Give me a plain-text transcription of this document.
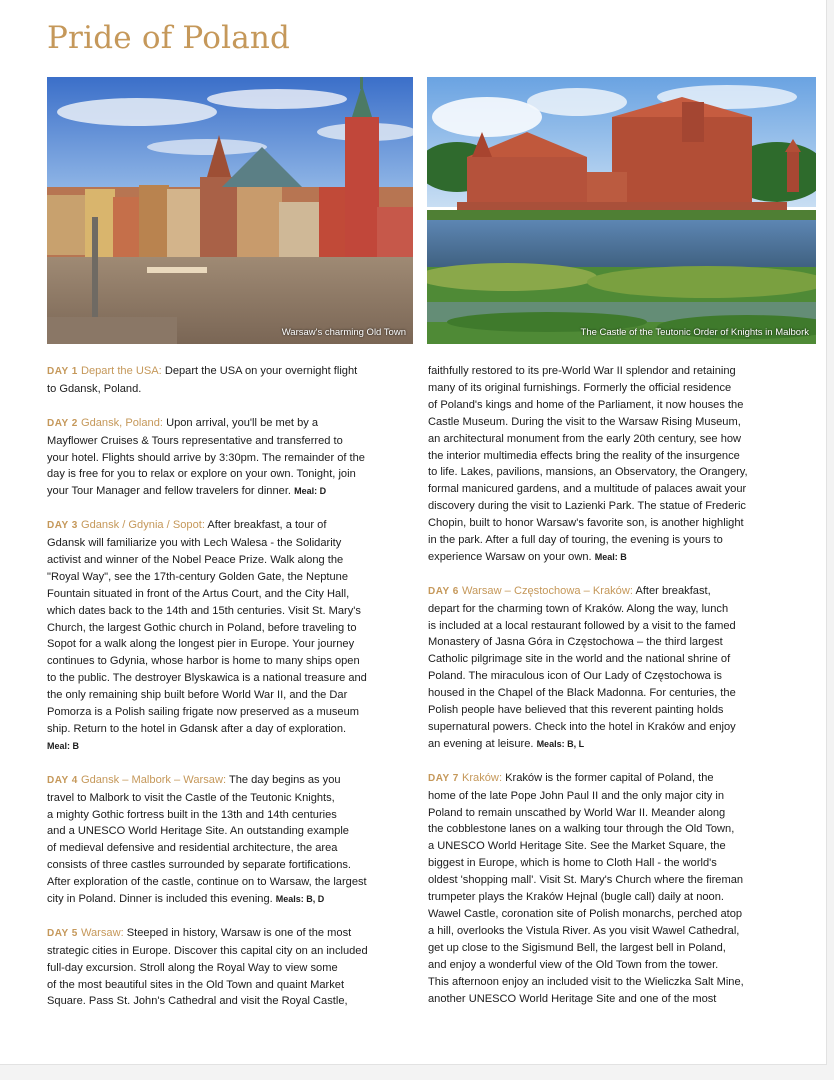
Pride of Poland
Warsaw's charming Old Town	The Castle of the Teutonic Order of Knights in Malbork
DAY 1 Depart the USA: Depart the USA on your overnight flight
to Gdansk, Poland.
DAY 2 Gdansk, Poland: Upon arrival, you'll be met by a
Mayflower Cruises & Tours representative and transferred to
your hotel. Flights should arrive by 3:30pm. The remainder of the
day is free for you to relax or explore on your own. Tonight, join
your Tour Manager and fellow travelers for dinner. Meal: D
DAY 3 Gdansk / Gdynia / Sopot: After breakfast, a tour of
Gdansk will familiarize you with Lech Walesa - the Solidarity
activist and winner of the Nobel Peace Prize. Walk along the
"Royal Way", see the 17th-century Golden Gate, the Neptune
Fountain situated in front of the Artus Court, and the City Hall,
which dates back to the 14th and 15th centuries. Visit St. Mary's
Church, the largest Gothic church in Poland, before traveling to
Sopot for a walk along the longest pier in Europe. Your journey
continues to Gdynia, whose harbor is home to many ships open
to the public. The destroyer Blyskawica is a national treasure and
the only remaining ship built before World War II, and the Dar
Pomorza is a Polish sailing frigate now preserved as a museum
ship. Return to the hotel in Gdansk after a day of exploration.
Meal: B
DAY 4 Gdansk – Malbork – Warsaw: The day begins as you
travel to Malbork to visit the Castle of the Teutonic Knights,
a mighty Gothic fortress built in the 13th and 14th centuries
and a UNESCO World Heritage Site. An outstanding example
of medieval defensive and residential architecture, the area
consists of three castles surrounded by separate fortifications.
After exploration of the castle, continue on to Warsaw, the largest
city in Poland. Dinner is included this evening. Meals: B, D
DAY 5 Warsaw: Steeped in history, Warsaw is one of the most
strategic cities in Europe. Discover this capital city on an included
full-day excursion. Stroll along the Royal Way to view some
of the most beautiful sites in the Old Town and quaint Market
Square. Pass St. John's Cathedral and visit the Royal Castle,
faithfully restored to its pre-World War II splendor and retaining
many of its original furnishings. Formerly the official residence
of Poland's kings and home of the Parliament, it now houses the
Castle Museum. During the visit to the Warsaw Rising Museum,
an architectural monument from the early 20th century, see how
the interior multimedia effects bring the reality of the insurgence
to life. Lakes, pavilions, mansions, an Observatory, the Orangery,
formal manicured gardens, and a multitude of palaces await your
discovery during the visit to Lazienki Park. The statue of Frederic
Chopin, built to honor Warsaw's favorite son, is another highlight
in the park. After a full day of touring, the evening is yours to
experience Warsaw on your own. Meal: B
DAY 6 Warsaw – Częstochowa – Kraków: After breakfast,
depart for the charming town of Kraków. Along the way, lunch
is included at a local restaurant followed by a visit to the famed
Monastery of Jasna Góra in Częstochowa – the third largest
Catholic pilgrimage site in the world and the national shrine of
Poland. The miraculous icon of Our Lady of Częstochowa is
housed in the Chapel of the Black Madonna. For centuries, the
Polish people have believed that this reverent painting holds
supernatural powers. Check into the hotel in Kraków and enjoy
an evening at leisure. Meals: B, L
DAY 7 Kraków: Kraków is the former capital of Poland, the
home of the late Pope John Paul II and the only major city in
Poland to remain unscathed by World War II. Meander along
the cobblestone lanes on a walking tour through the Old Town,
a UNESCO World Heritage Site. See the Market Square, the
biggest in Europe, which is home to Cloth Hall - the world's
oldest 'shopping mall'. Visit St. Mary's Church where the fireman
trumpeter plays the Kraków Hejnal (bugle call) daily at noon.
Wawel Castle, coronation site of Polish monarchs, perched atop
a hill, overlooks the Vistula River. As you visit Wawel Cathedral,
get up close to the Sigismund Bell, the largest bell in Poland,
and enjoy a wonderful view of the Old Town from the tower.
This afternoon enjoy an included visit to the Wieliczka Salt Mine,
another UNESCO World Heritage Site and one of the most
